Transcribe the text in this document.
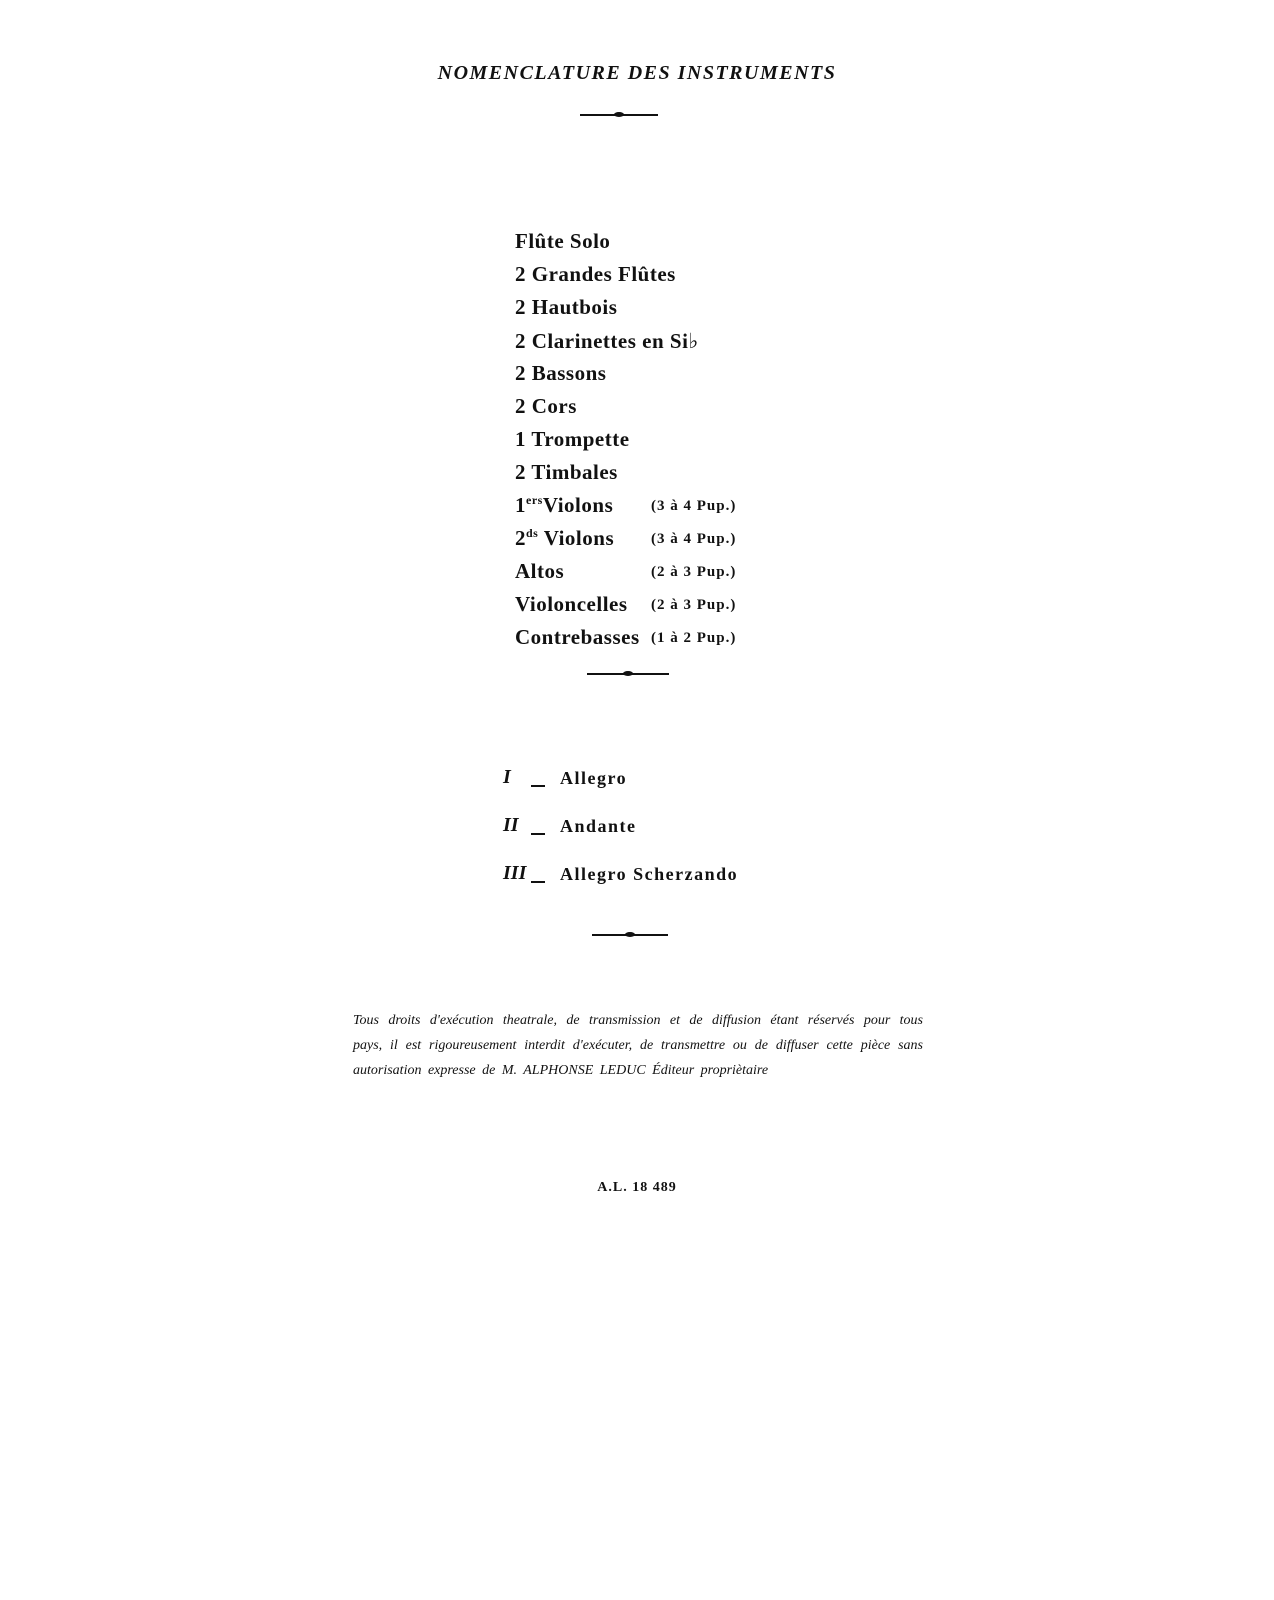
NOMENCLATURE DES INSTRUMENTS
Flûte Solo
2 Grandes Flûtes
2 Hautbois
2 Clarinettes en Si♭
2 Bassons
2 Cors
1 Trompette
2 Timbales
1ersViolons	(3 à 4 Pup.)
$2^{ds}$ Violons (3 à 4 Pup.)
Altos	(2 à 3 Pup.)
Violoncelles (2 à 3 Pup.)
Contrebasses (1 à 2 Pup.)
I	Allegro
II Andante
III Allegro Scherzando
Tous droits d'exécution theatrale, de transmission et de diffusion étant réservés pour tous pays, il est rigoureusement interdit d'exécuter, de transmettre ou de diffuser cette pièce sans autorisation expresse de M. ALPHONSE LEDUC Éditeur propriètaire
A.L. 18 489
